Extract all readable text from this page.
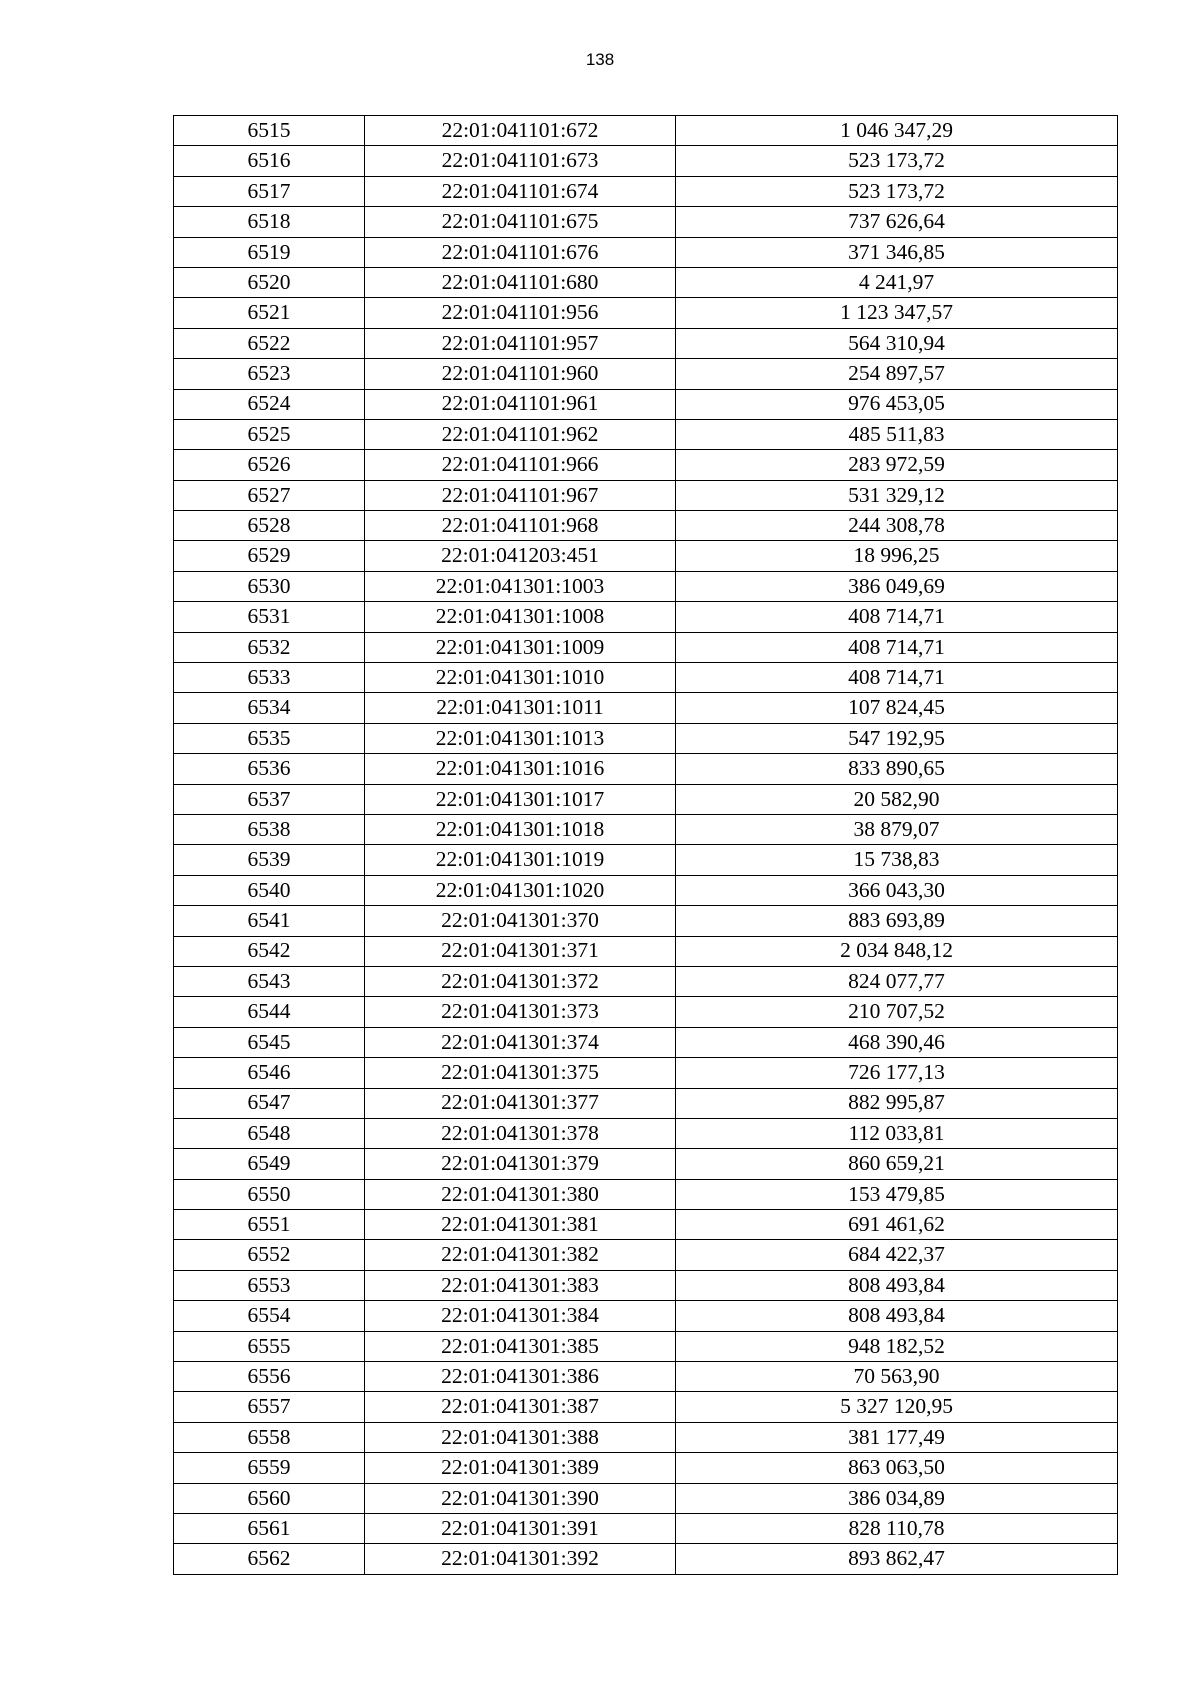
138
6515	22:01:041101:672	1 046 347,29
6516	22:01:041101:673	523 173,72
6517	22:01:041101:674	523 173,72
6518	22:01:041101:675	737 626,64
6519	22:01:041101:676	371 346,85
6520	22:01:041101:680	4 241,97
6521	22:01:041101:956	1 123 347,57
6522	22:01:041101:957	564 310,94
6523	22:01:041101:960	254 897,57
6524	22:01:041101:961	976 453,05
6525	22:01:041101:962	485 511,83
6526	22:01:041101:966	283 972,59
6527	22:01:041101:967	531 329,12
6528	22:01:041101:968	244 308,78
6529	22:01:041203:451	18 996,25
6530	22:01:041301:1003	386 049,69
6531	22:01:041301:1008	408 714,71
6532	22:01:041301:1009	408 714,71
6533	22:01:041301:1010	408 714,71
6534	22:01:041301:1011	107 824,45
6535	22:01:041301:1013	547 192,95
6536	22:01:041301:1016	833 890,65
6537	22:01:041301:1017	20 582,90
6538	22:01:041301:1018	38 879,07
6539	22:01:041301:1019	15 738,83
6540	22:01:041301:1020	366 043,30
6541	22:01:041301:370	883 693,89
6542	22:01:041301:371	2 034 848,12
6543	22:01:041301:372	824 077,77
6544	22:01:041301:373	210 707,52
6545	22:01:041301:374	468 390,46
6546	22:01:041301:375	726 177,13
6547	22:01:041301:377	882 995,87
6548	22:01:041301:378	112 033,81
6549	22:01:041301:379	860 659,21
6550	22:01:041301:380	153 479,85
6551	22:01:041301:381	691 461,62
6552	22:01:041301:382	684 422,37
6553	22:01:041301:383	808 493,84
6554	22:01:041301:384	808 493,84
6555	22:01:041301:385	948 182,52
6556	22:01:041301:386	70 563,90
6557	22:01:041301:387	5 327 120,95
6558	22:01:041301:388	381 177,49
6559	22:01:041301:389	863 063,50
6560	22:01:041301:390	386 034,89
6561	22:01:041301:391	828 110,78
6562	22:01:041301:392	893 862,47
